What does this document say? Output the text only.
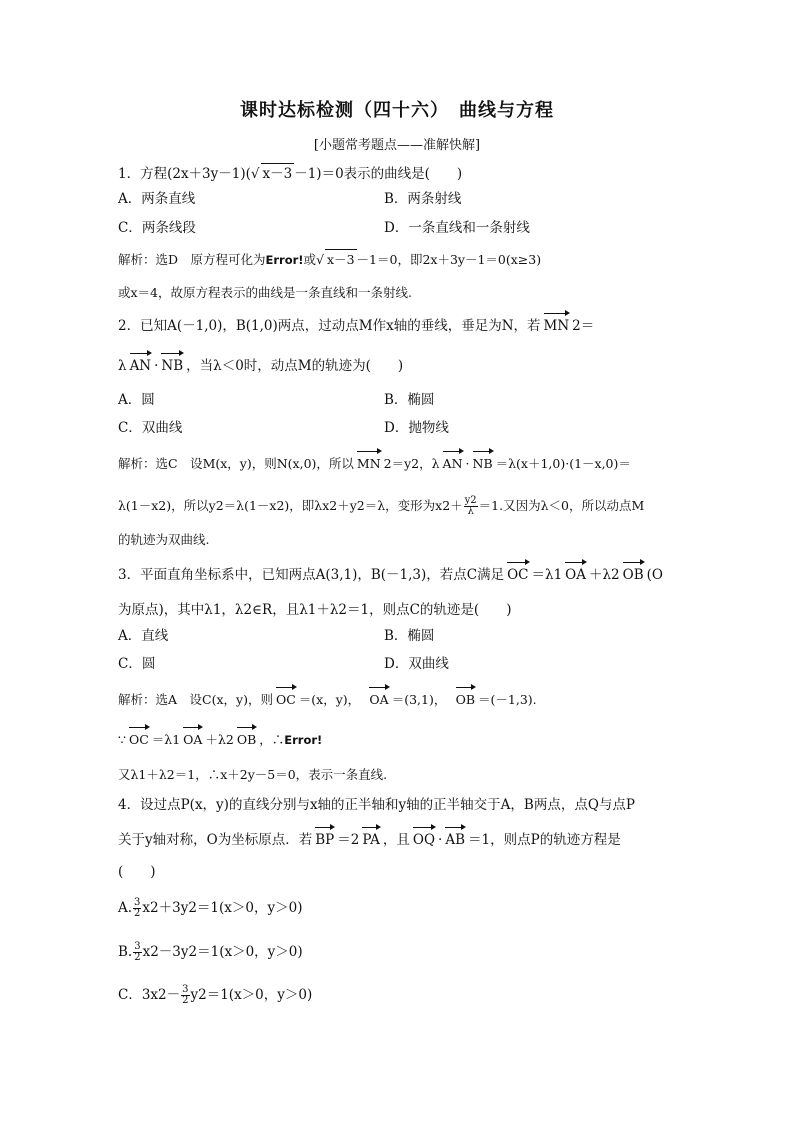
课时达标检测（四十六）　曲线与方程
[小题常考题点——准解快解]
1．方程(2x＋3y－1)(√ x－3 －1)＝0表示的曲线是(　　)
A．两条直线	B．两条射线
C．两条线段	D．一条直线和一条射线
解析：选D　原方程可化为Error!或√ x－3 －1＝0，即2x＋3y－1＝0(x≥3)
或x＝4，故原方程表示的曲线是一条直线和一条射线.
2．已知A(－1,0)，B(1,0)两点，过动点M作x轴的垂线，垂足为N，若 MN 2＝
λ AN · NB ，当λ＜0时，动点M的轨迹为(　　)
A．圆	B．椭圆
C．双曲线	D．抛物线
解析：选C　设M(x，y)，则N(x,0)，所以 MN 2＝y2，λ AN · NB ＝λ(x＋1,0)·(1－x,0)＝
λ(1－x2)，所以y2＝λ(1－x2)，即λx2＋y2＝λ，变形为$x2+ \frac{y2}{\lambda} =1$.又因为λ＜0，所以动点M
的轨迹为双曲线.
3．平面直角坐标系中，已知两点A(3,1)，B(－1,3)，若点C满足 OC ＝λ1 OA ＋λ2 OB (O
为原点)，其中λ1，λ2∈R，且λ1＋λ2＝1，则点C的轨迹是(　　)
A．直线	B．椭圆
C．圆	D．双曲线
解析：选A　设C(x，y)，则 OC ＝(x，y)，　 OA ＝(3,1)，　 OB ＝(－1,3).
∵ OC ＝λ1 OA ＋λ2 OB ，∴Error!
又λ1＋λ2＝1，∴x＋2y－5＝0，表示一条直线.
4．设过点P(x，y)的直线分别与x轴的正半轴和y轴的正半轴交于A，B两点，点Q与点P
关于y轴对称，O为坐标原点．若 BP ＝2 PA ，且 OQ · AB ＝1，则点P的轨迹方程是
(　　)
A. $\frac{3}{2} x2+3y2=1(x>0$，y＞0)
B. $\frac{3}{2} x2-3y2=1(x>0$，y＞0)
C．$3x2- \frac{3}{2} y2=1(x>0$，y＞0)
